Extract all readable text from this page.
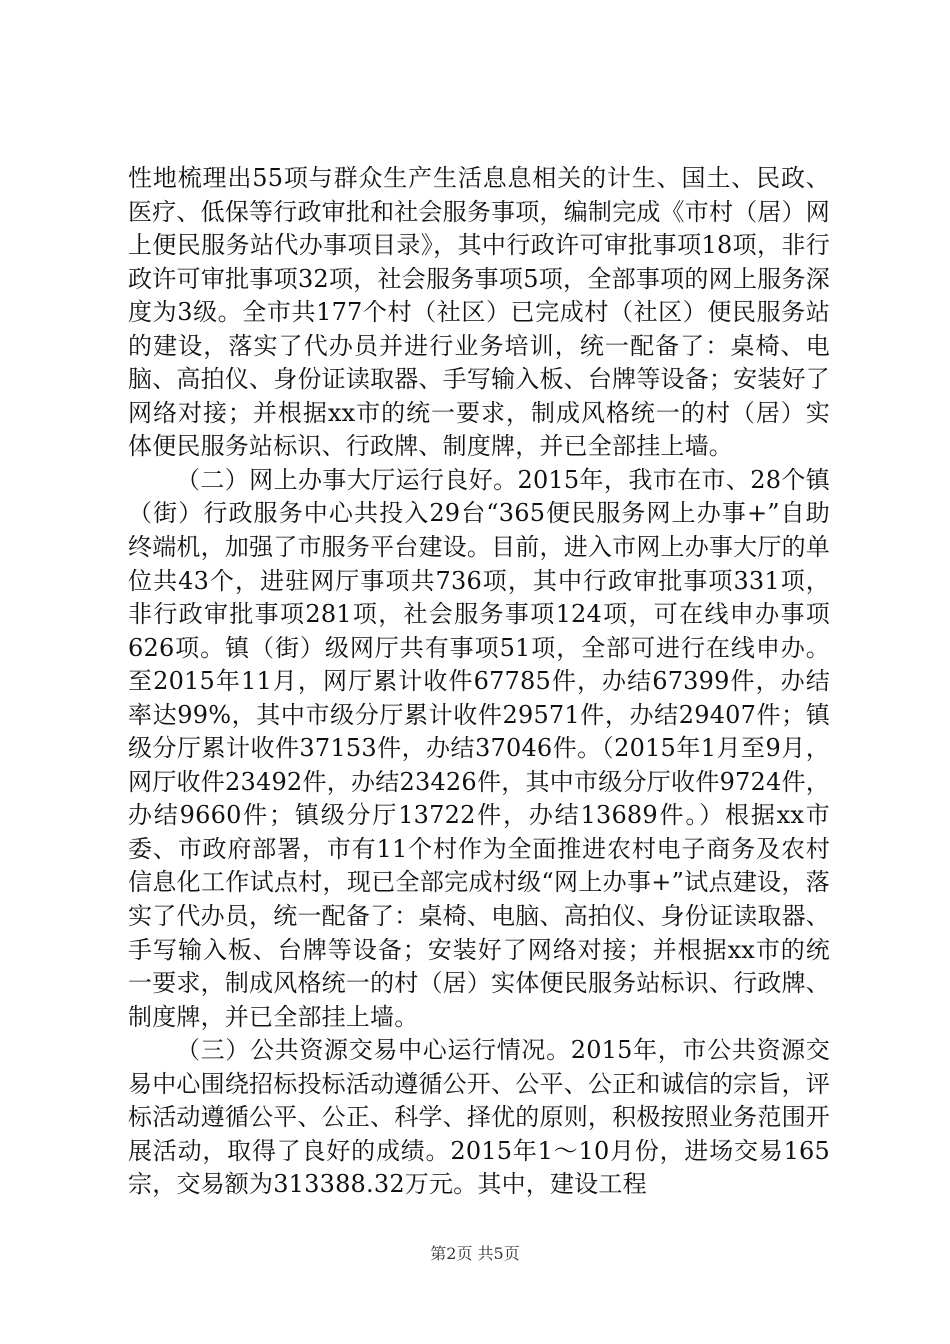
性地梳理出55项与群众生产生活息息相关的计生、国土、民政、医疗、低保等行政审批和社会服务事项，编制完成《市村（居）网上便民服务站代办事项目录》，其中行政许可审批事项18项，非行政许可审批事项32项，社会服务事项5项，全部事项的网上服务深度为3级。全市共177个村（社区）已完成村（社区）便民服务站的建设，落实了代办员并进行业务培训，统一配备了：桌椅、电脑、高拍仪、身份证读取器、手写输入板、台牌等设备；安装好了网络对接；并根据xx市的统一要求，制成风格统一的村（居）实体便民服务站标识、行政牌、制度牌，并已全部挂上墙。

（二）网上办事大厅运行良好。2015年，我市在市、28个镇（街）行政服务中心共投入29台“365便民服务网上办事+”自助终端机，加强了市服务平台建设。目前，进入市网上办事大厅的单位共43个，进驻网厅事项共736项，其中行政审批事项331项，非行政审批事项281项，社会服务事项124项，可在线申办事项626项。镇（街）级网厅共有事项51项，全部可进行在线申办。至2015年11月，网厅累计收件67785件，办结67399件，办结率达99%，其中市级分厅累计收件29571件，办结29407件；镇级分厅累计收件37153件，办结37046件。（2015年1月至9月，网厅收件23492件，办结23426件，其中市级分厅收件9724件，办结9660件；镇级分厅13722件，办结13689件。）根据xx市委、市政府部署，市有11个村作为全面推进农村电子商务及农村信息化工作试点村，现已全部完成村级“网上办事+”试点建设，落实了代办员，统一配备了：桌椅、电脑、高拍仪、身份证读取器、手写输入板、台牌等设备；安装好了网络对接；并根据xx市的统一要求，制成风格统一的村（居）实体便民服务站标识、行政牌、制度牌，并已全部挂上墙。

（三）公共资源交易中心运行情况。2015年，市公共资源交易中心围绕招标投标活动遵循公开、公平、公正和诚信的宗旨，评标活动遵循公平、公正、科学、择优的原则，积极按照业务范围开展活动，取得了良好的成绩。2015年1～10月份，进场交易165宗，交易额为313388.32万元。其中，建设工程

第2页 共5页
